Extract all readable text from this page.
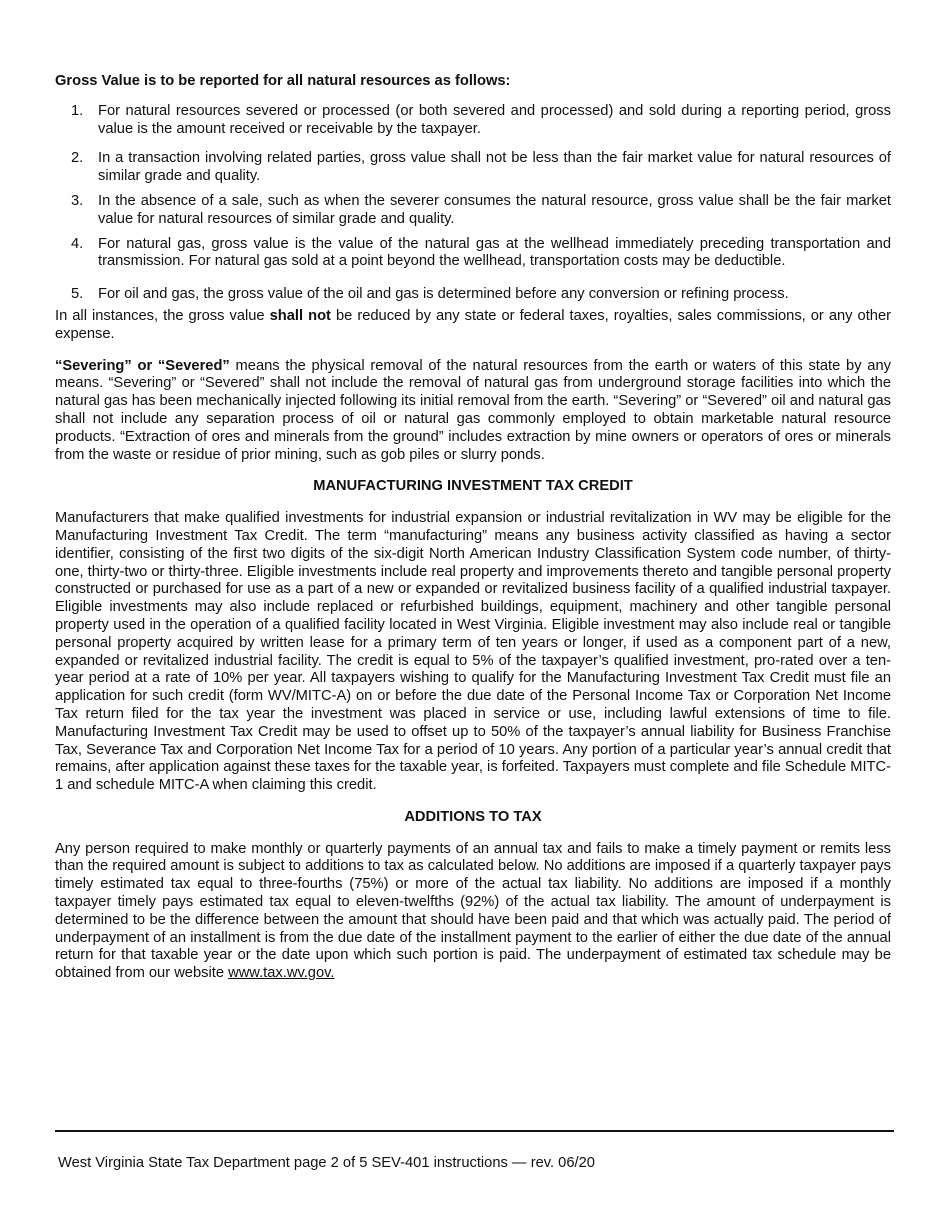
Gross Value is to be reported for all natural resources as follows:
1. For natural resources severed or processed (or both severed and processed) and sold during a reporting period, gross value is the amount received or receivable by the taxpayer.
2. In a transaction involving related parties, gross value shall not be less than the fair market value for natural resources of similar grade and quality.
3. In the absence of a sale, such as when the severer consumes the natural resource, gross value shall be the fair market value for natural resources of similar grade and quality.
4. For natural gas, gross value is the value of the natural gas at the wellhead immediately preceding transportation and transmission. For natural gas sold at a point beyond the wellhead, transportation costs may be deductible.
5. For oil and gas, the gross value of the oil and gas is determined before any conversion or refining process.

In all instances, the gross value shall not be reduced by any state or federal taxes, royalties, sales commissions, or any other expense.

“Severing” or “Severed” means the physical removal of the natural resources from the earth or waters of this state by any means. “Severing” or “Severed” shall not include the removal of natural gas from underground storage facilities into which the natural gas has been mechanically injected following its initial removal from the earth. “Severing” or “Severed” oil and natural gas shall not include any separation process of oil or natural gas commonly employed to obtain marketable natural resource products. “Extraction of ores and minerals from the ground” includes extraction by mine owners or operators of ores or minerals from the waste or residue of prior mining, such as gob piles or slurry ponds.

MANUFACTURING INVESTMENT TAX CREDIT

Manufacturers that make qualified investments for industrial expansion or industrial revitalization in WV may be eligible for the Manufacturing Investment Tax Credit. The term “manufacturing” means any business activity classified as having a sector identifier, consisting of the first two digits of the six-digit North American Industry Classification System code number, of thirty-one, thirty-two or thirty-three. Eligible investments include real property and improvements thereto and tangible personal property constructed or purchased for use as a part of a new or expanded or revitalized business facility of a qualified industrial taxpayer. Eligible investments may also include replaced or refurbished buildings, equipment, machinery and other tangible personal property used in the operation of a qualified facility located in West Virginia. Eligible investment may also include real or tangible personal property acquired by written lease for a primary term of ten years or longer, if used as a component part of a new, expanded or revitalized industrial facility. The credit is equal to 5% of the taxpayer’s qualified investment, pro-rated over a ten-year period at a rate of 10% per year. All taxpayers wishing to qualify for the Manufacturing Investment Tax Credit must file an application for such credit (form WV/MITC-A) on or before the due date of the Personal Income Tax or Corporation Net Income Tax return filed for the tax year the investment was placed in service or use, including lawful extensions of time to file. Manufacturing Investment Tax Credit may be used to offset up to 50% of the taxpayer’s annual liability for Business Franchise Tax, Severance Tax and Corporation Net Income Tax for a period of 10 years. Any portion of a particular year’s annual credit that remains, after application against these taxes for the taxable year, is forfeited. Taxpayers must complete and file Schedule MITC-1 and schedule MITC-A when claiming this credit.

ADDITIONS TO TAX

Any person required to make monthly or quarterly payments of an annual tax and fails to make a timely payment or remits less than the required amount is subject to additions to tax as calculated below. No additions are imposed if a quarterly taxpayer pays timely estimated tax equal to three-fourths (75%) or more of the actual tax liability. No additions are imposed if a monthly taxpayer timely pays estimated tax equal to eleven-twelfths (92%) of the actual tax liability. The amount of underpayment is determined to be the difference between the amount that should have been paid and that which was actually paid. The period of underpayment of an installment is from the due date of the installment payment to the earlier of either the due date of the annual return for that taxable year or the date upon which such portion is paid. The underpayment of estimated tax schedule may be obtained from our website www.tax.wv.gov.

West Virginia State Tax Department page 2 of 5 SEV-401 instructions — rev. 06/20
